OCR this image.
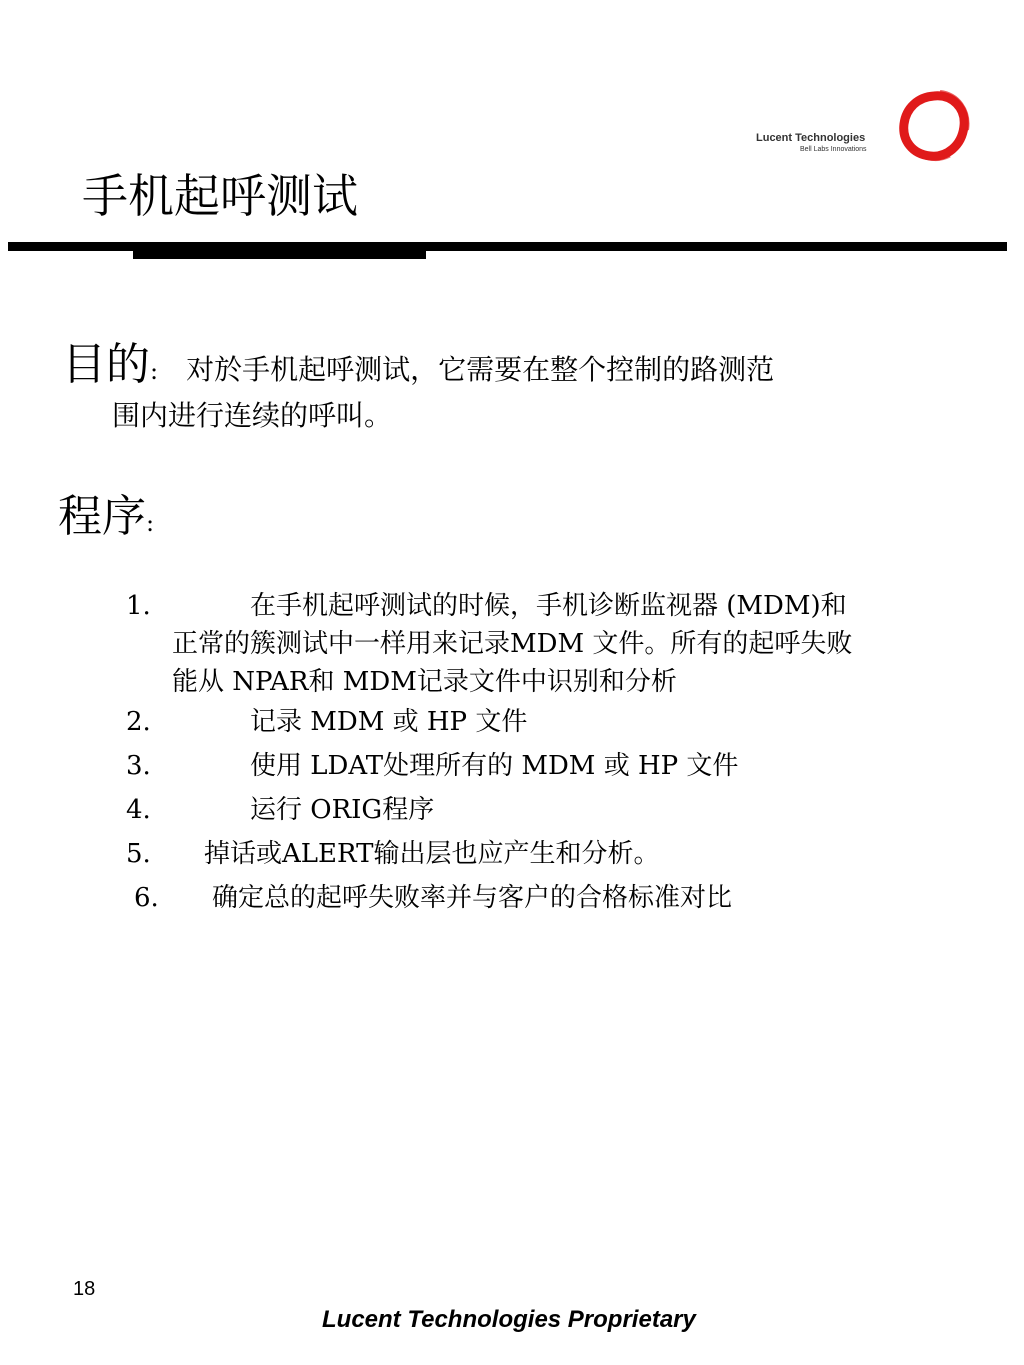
Lucent Technologies
Bell Labs Innovations
手机起呼测试
目的: 对於手机起呼测试，它需要在整个控制的路测范
围内进行连续的呼叫。
程序:
1.	在手机起呼测试的时候，手机诊断监视器 (MDM)和
正常的簇测试中一样用来记录MDM 文件。所有的起呼失败
能从 NPAR和 MDM记录文件中识别和分析
2.	记录 MDM 或 HP 文件
3.	使用 LDAT处理所有的 MDM 或 HP 文件
4.	运行 ORIG程序
5. 掉话或ALERT输出层也应产生和分析。
6. 确定总的起呼失败率并与客户的合格标准对比
18
Lucent Technologies Proprietary
